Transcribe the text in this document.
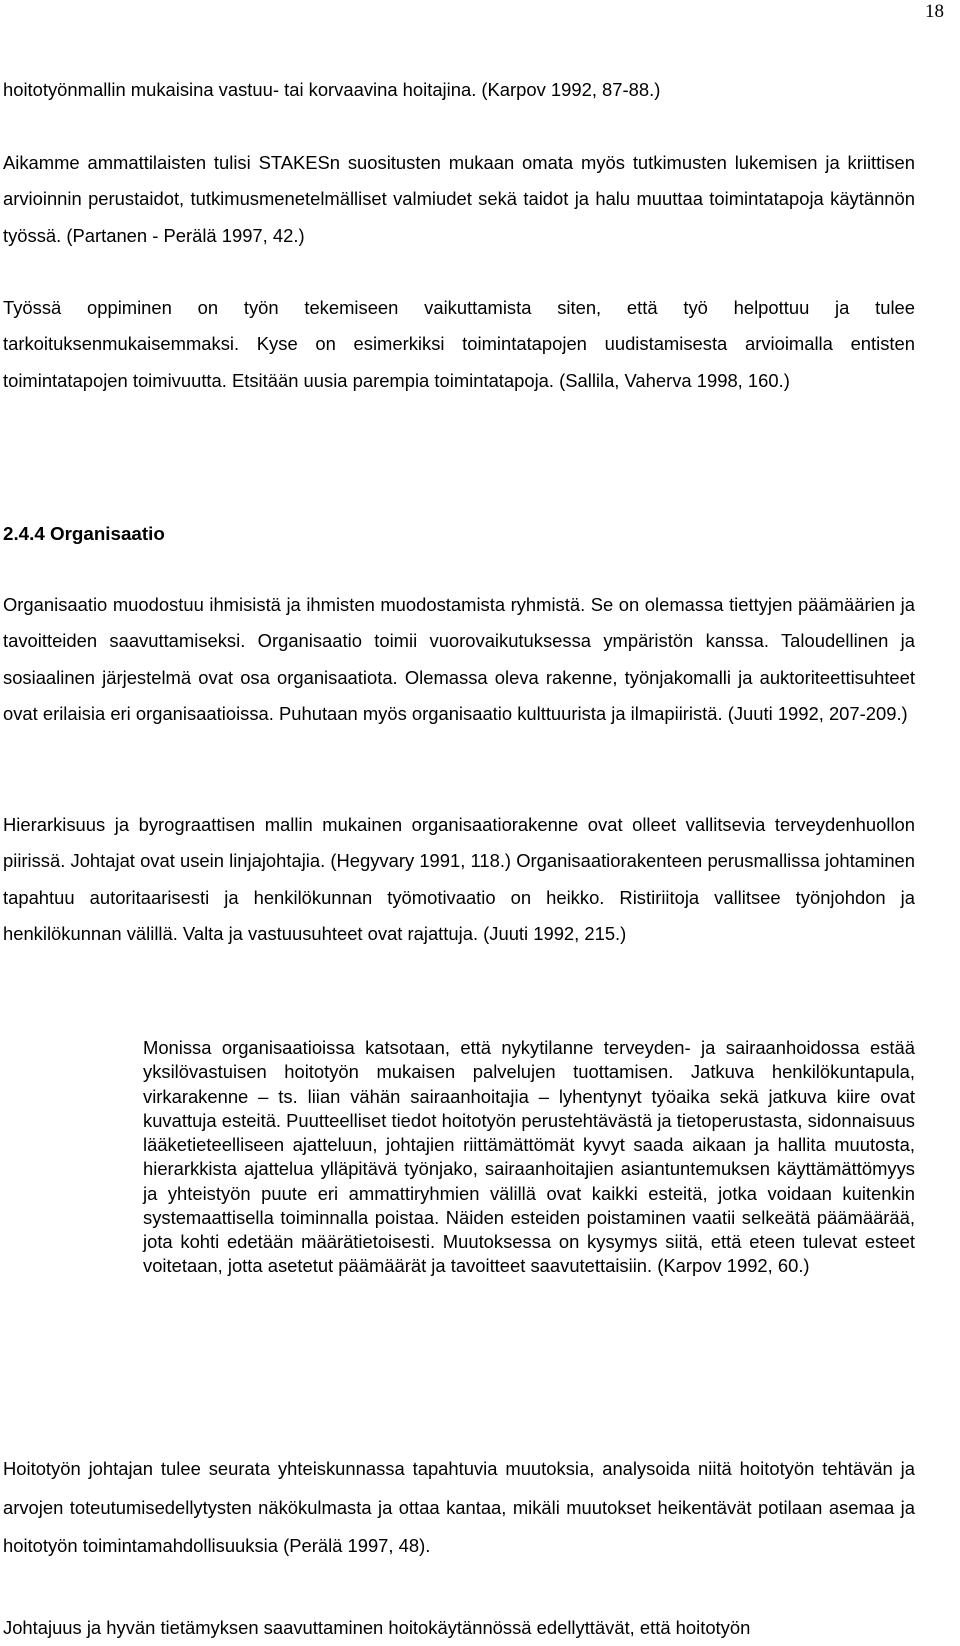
18

hoitotyönmallin mukaisina vastuu- tai korvaavina hoitajina. (Karpov 1992, 87-88.)

Aikamme ammattilaisten tulisi STAKESn suositusten mukaan omata myös tutkimusten lukemisen ja kriittisen arvioinnin perustaidot, tutkimusmenetelmälliset valmiudet sekä taidot ja halu muuttaa toimintatapoja käytännön työssä. (Partanen - Perälä 1997, 42.)

Työssä oppiminen on työn tekemiseen vaikuttamista siten, että työ helpottuu ja tulee tarkoituksenmukaisemmaksi. Kyse on esimerkiksi toimintatapojen uudistamisesta arvioimalla entisten toimintatapojen toimivuutta. Etsitään uusia parempia toimintatapoja. (Sallila, Vaherva 1998, 160.)

2.4.4 Organisaatio

Organisaatio muodostuu ihmisistä ja ihmisten muodostamista ryhmistä. Se on olemassa tiettyjen päämäärien ja tavoitteiden saavuttamiseksi. Organisaatio toimii vuorovaikutuksessa ympäristön kanssa. Taloudellinen ja sosiaalinen järjestelmä ovat osa organisaatiota. Olemassa oleva rakenne, työnjakomalli ja auktoriteettisuhteet ovat erilaisia eri organisaatioissa. Puhutaan myös organisaatio kulttuurista ja ilmapiiristä. (Juuti 1992, 207-209.)

Hierarkisuus ja byrograattisen mallin mukainen organisaatiorakenne ovat olleet vallitsevia terveydenhuollon piirissä. Johtajat ovat usein linjajohtajia. (Hegyvary 1991, 118.) Organisaatiorakenteen perusmallissa johtaminen tapahtuu autoritaarisesti ja henkilökunnan työmotivaatio on heikko. Ristiriitoja vallitsee työnjohdon ja henkilökunnan välillä. Valta ja vastuusuhteet ovat rajattuja. (Juuti 1992, 215.)

Monissa organisaatioissa katsotaan, että nykytilanne terveyden- ja sairaanhoidossa estää yksilövastuisen hoitotyön mukaisen palvelujen tuottamisen. Jatkuva henkilökuntapula, virkarakenne – ts. liian vähän sairaanhoitajia – lyhentynyt työaika sekä jatkuva kiire ovat kuvattuja esteitä. Puutteelliset tiedot hoitotyön perustehtävästä ja tietoperustasta, sidonnaisuus lääketieteelliseen ajatteluun, johtajien riittämättömät kyvyt saada aikaan ja hallita muutosta, hierarkkista ajattelua ylläpitävä työnjako, sairaanhoitajien asiantuntemuksen käyttämättömyys ja yhteistyön puute eri ammattiryhmien välillä ovat kaikki esteitä, jotka voidaan kuitenkin systemaattisella toiminnalla poistaa. Näiden esteiden poistaminen vaatii selkeätä päämäärää, jota kohti edetään määrätietoisesti. Muutoksessa on kysymys siitä, että eteen tulevat esteet voitetaan, jotta asetetut päämäärät ja tavoitteet saavutettaisiin. (Karpov 1992, 60.)

Hoitotyön johtajan tulee seurata yhteiskunnassa tapahtuvia muutoksia, analysoida niitä hoitotyön tehtävän ja arvojen toteutumisedellytysten näkökulmasta ja ottaa kantaa, mikäli muutokset heikentävät potilaan asemaa ja hoitotyön toimintamahdollisuuksia (Perälä 1997, 48).

Johtajuus ja hyvän tietämyksen saavuttaminen hoitokäytännössä edellyttävät, että hoitotyön
